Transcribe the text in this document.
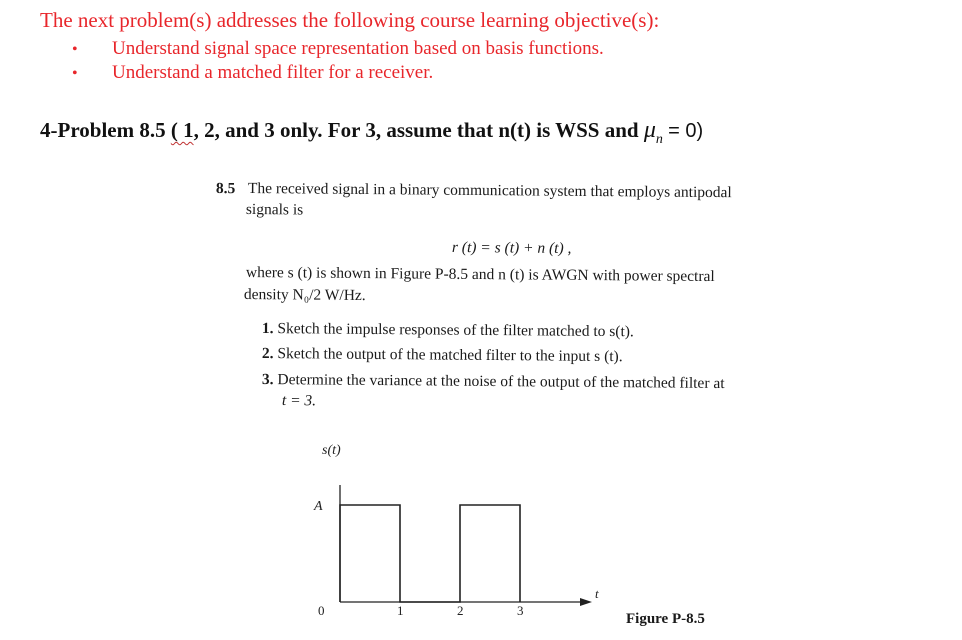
The next problem(s) addresses the following course learning objective(s):
• Understand signal space representation based on basis functions.
• Understand a matched filter for a receiver.
4-Problem 8.5 ( 1, 2, and 3 only. For 3, assume that n(t) is WSS and $\mu_n = 0$)
8.5 The received signal in a binary communication system that employs antipodal
signals is
r (t) = s (t) + n (t) ,
where s (t) is shown in Figure P-8.5 and n (t) is AWGN with power spectral
density N₀/2 W/Hz.
1. Sketch the impulse responses of the filter matched to s(t).
2. Sketch the output of the matched filter to the input s (t).
3. Determine the variance at the noise of the output of the matched filter at
t = 3.
s(t)
A
t
0	1	2	3
Figure P-8.5
